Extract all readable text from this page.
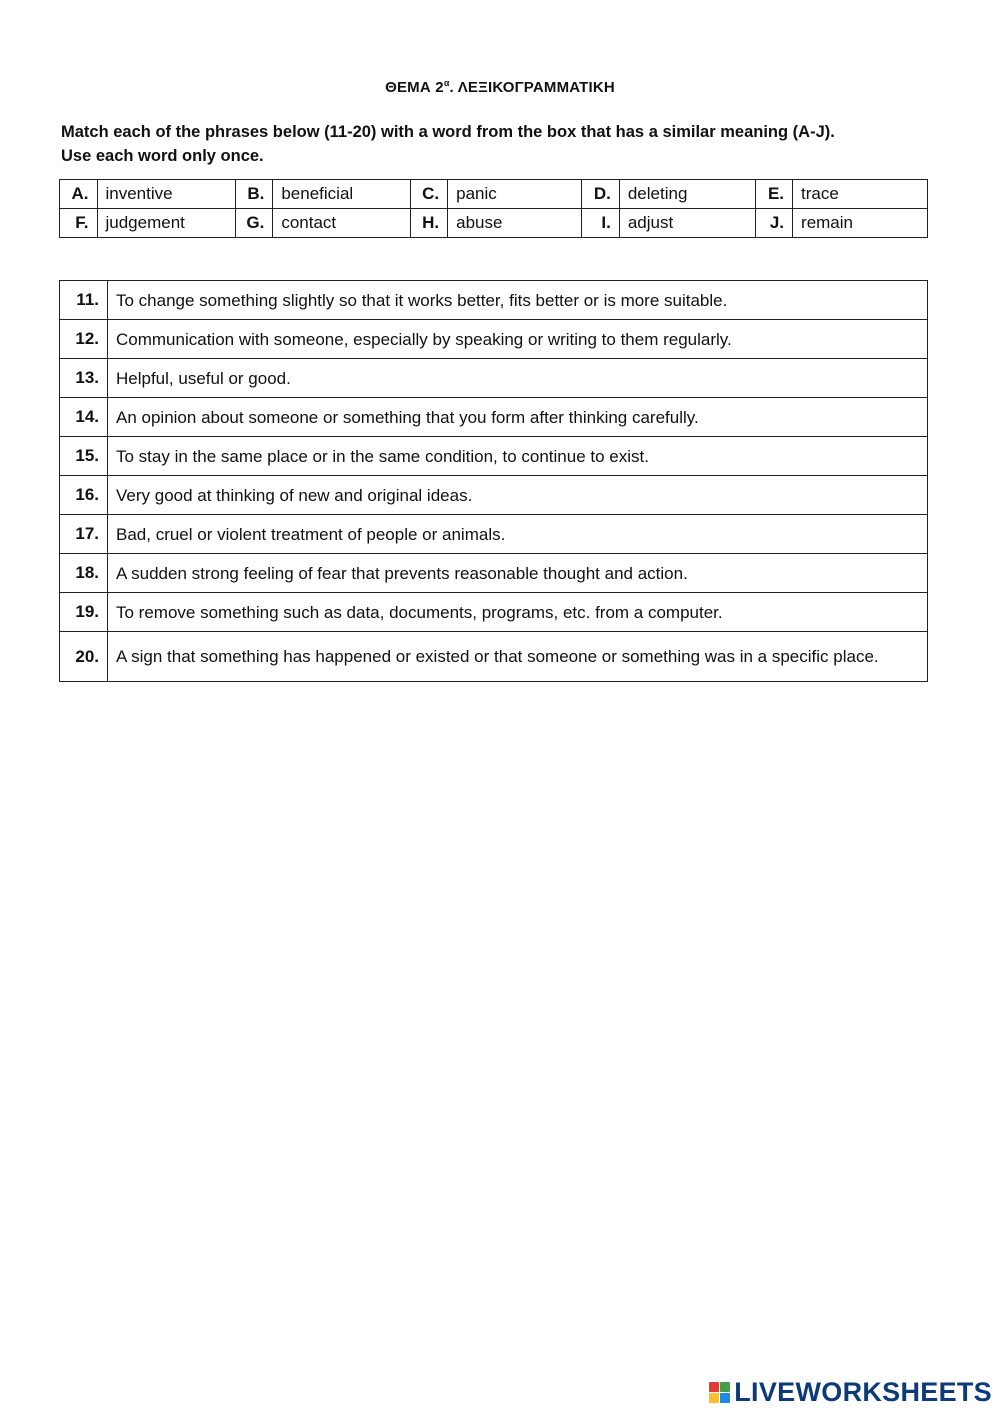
ΘΕΜΑ $2^\alpha$. ΛΕΞΙΚΟΓΡΑΜΜΑΤΙΚΗ
Match each of the phrases below (11-20) with a word from the box that has a similar meaning (A-J).
Use each word only once.
A.	inventive	B.	beneficial	C.	panic	D.	deleting	E.	trace
F.	judgement	G.	contact	H.	abuse	I.	adjust	J.	remain
11.	To change something slightly so that it works better, fits better or is more suitable.
12.	Communication with someone, especially by speaking or writing to them regularly.
13.	Helpful, useful or good.
14.	An opinion about someone or something that you form after thinking carefully.
15.	To stay in the same place or in the same condition, to continue to exist.
16.	Very good at thinking of new and original ideas.
17.	Bad, cruel or violent treatment of people or animals.
18.	A sudden strong feeling of fear that prevents reasonable thought and action.
19.	To remove something such as data, documents, programs, etc. from a computer.
20.	A sign that something has happened or existed or that someone or something was in a specific place.
LIVEWORKSHEETS
